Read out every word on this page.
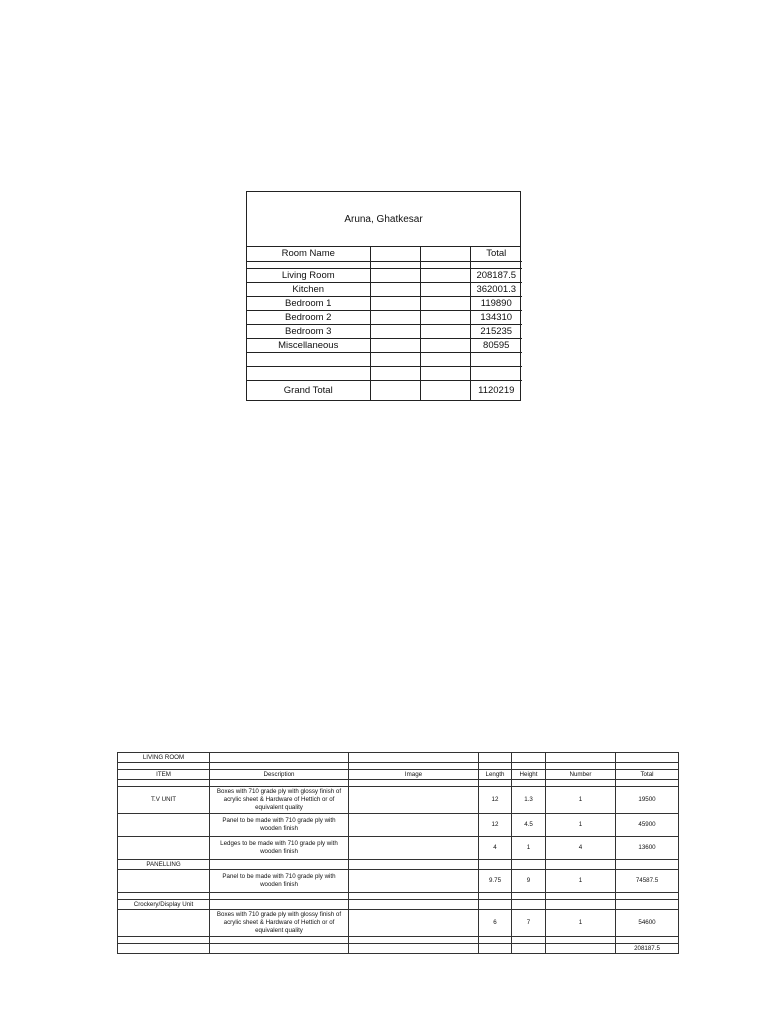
Aruna, Ghatkesar
Room Name			Total

Living Room			208187.5
Kitchen			362001.3
Bedroom 1			119890
Bedroom 2			134310
Bedroom 3			215235
Miscellaneous			80595

Grand Total			1120219
LIVING ROOM						

ITEM	Description	Image	Length	Height	Number	Total

T.V UNIT	Boxes with 710 grade ply with glossy finish of acrylic sheet & Hardware of Hettich or of equivalent quality		12	1.3	1	19500
	Panel to be made with 710 grade ply with wooden finish		12	4.5	1	45900
	Ledges to be made with 710 grade ply with wooden finish		4	1	4	13600
PANELLING						
	Panel to be made with 710 grade ply with wooden finish		9.75	9	1	74587.5

Crockery/Display Unit						
	Boxes with 710 grade ply with glossy finish of acrylic sheet & Hardware of Hettich or of equivalent quality		6	7	1	54600

						208187.5
